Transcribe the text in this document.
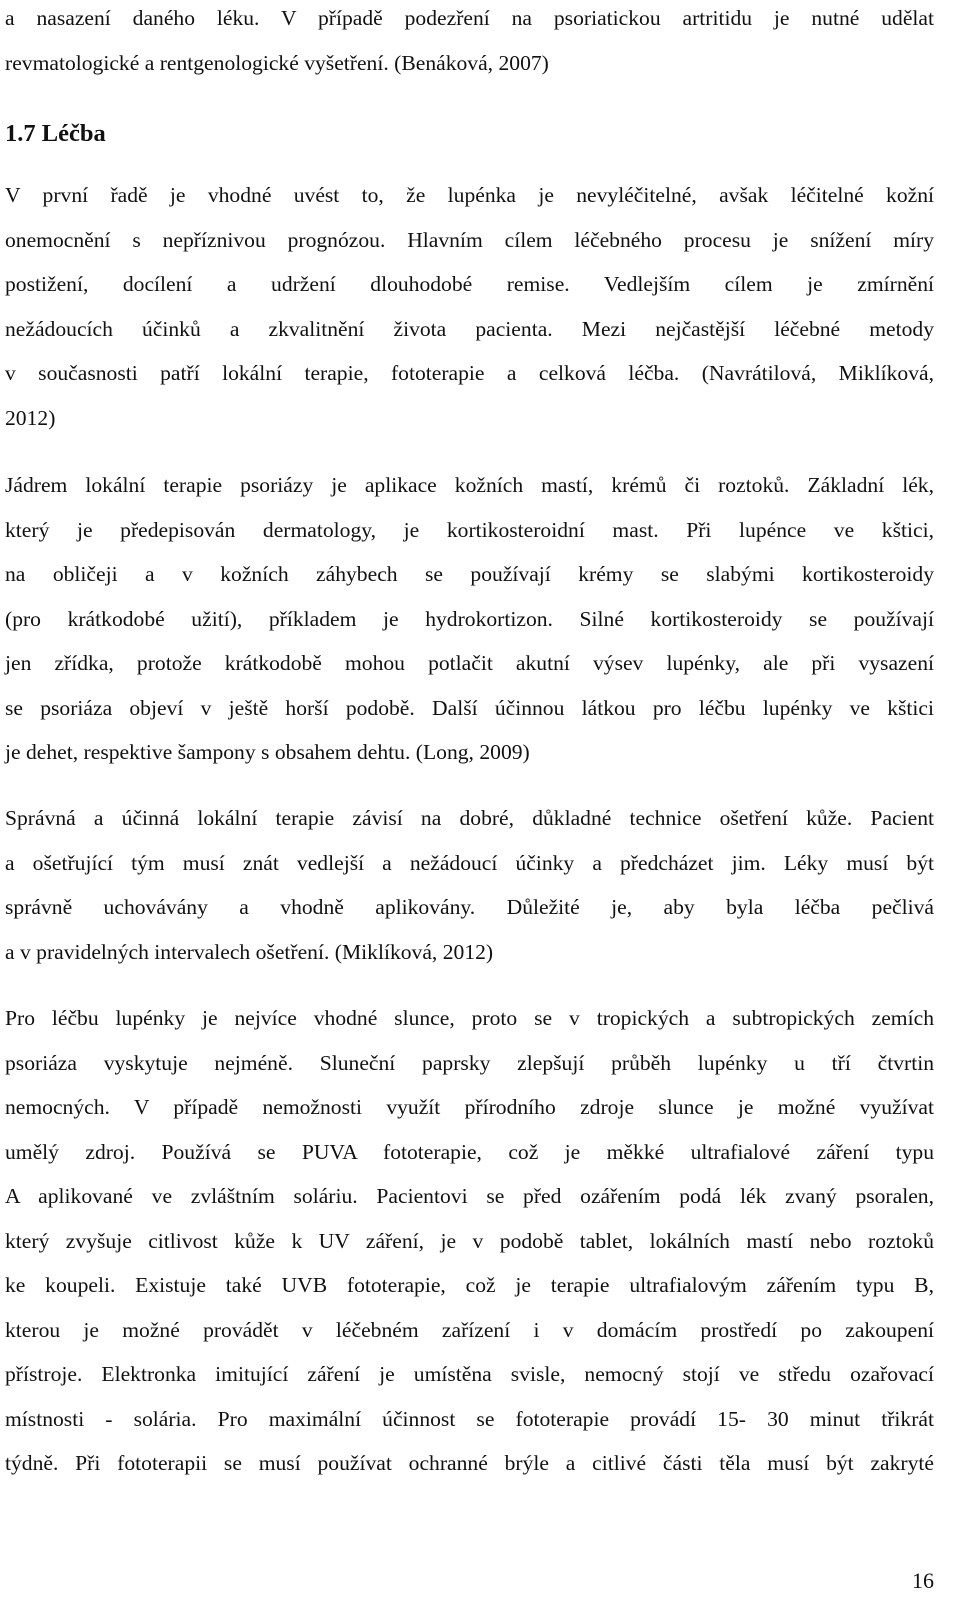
a nasazení daného léku. V případě podezření na psoriatickou artritidu je nutné udělat
revmatologické a rentgenologické vyšetření. (Benáková, 2007)
1.7 Léčba
V první řadě je vhodné uvést to, že lupénka je nevyléčitelné, avšak léčitelné kožní
onemocnění s nepříznivou prognózou. Hlavním cílem léčebného procesu je snížení míry
postižení, docílení a udržení dlouhodobé remise. Vedlejším cílem je zmírnění
nežádoucích účinků a zkvalitnění života pacienta. Mezi nejčastější léčebné metody
v současnosti patří lokální terapie, fototerapie a celková léčba. (Navrátilová, Miklíková,
2012)
Jádrem lokální terapie psoriázy je aplikace kožních mastí, krémů či roztoků. Základní lék,
který je předepisován dermatology, je kortikosteroidní mast. Při lupénce ve kštici,
na obličeji a v kožních záhybech se používají krémy se slabými kortikosteroidy
(pro krátkodobé užití), příkladem je hydrokortizon. Silné kortikosteroidy se používají
jen zřídka, protože krátkodobě mohou potlačit akutní výsev lupénky, ale při vysazení
se psoriáza objeví v ještě horší podobě. Další účinnou látkou pro léčbu lupénky ve kštici
je dehet, respektive šampony s obsahem dehtu. (Long, 2009)
Správná a účinná lokální terapie závisí na dobré, důkladné technice ošetření kůže. Pacient
a ošetřující tým musí znát vedlejší a nežádoucí účinky a předcházet jim. Léky musí být
správně uchovávány a vhodně aplikovány. Důležité je, aby byla léčba pečlivá
a v pravidelných intervalech ošetření. (Miklíková, 2012)
Pro léčbu lupénky je nejvíce vhodné slunce, proto se v tropických a subtropických zemích
psoriáza vyskytuje nejméně. Sluneční paprsky zlepšují průběh lupénky u tří čtvrtin
nemocných. V případě nemožnosti využít přírodního zdroje slunce je možné využívat
umělý zdroj. Používá se PUVA fototerapie, což je měkké ultrafialové záření typu
A aplikované ve zvláštním soláriu. Pacientovi se před ozářením podá lék zvaný psoralen,
který zvyšuje citlivost kůže k UV záření, je v podobě tablet, lokálních mastí nebo roztoků
ke koupeli. Existuje také UVB fototerapie, což je terapie ultrafialovým zářením typu B,
kterou je možné provádět v léčebném zařízení i v domácím prostředí po zakoupení
přístroje. Elektronka imitující záření je umístěna svisle, nemocný stojí ve středu ozařovací
místnosti - solária. Pro maximální účinnost se fototerapie provádí 15- 30 minut třikrát
týdně. Při fototerapii se musí používat ochranné brýle a citlivé části těla musí být zakryté
16
